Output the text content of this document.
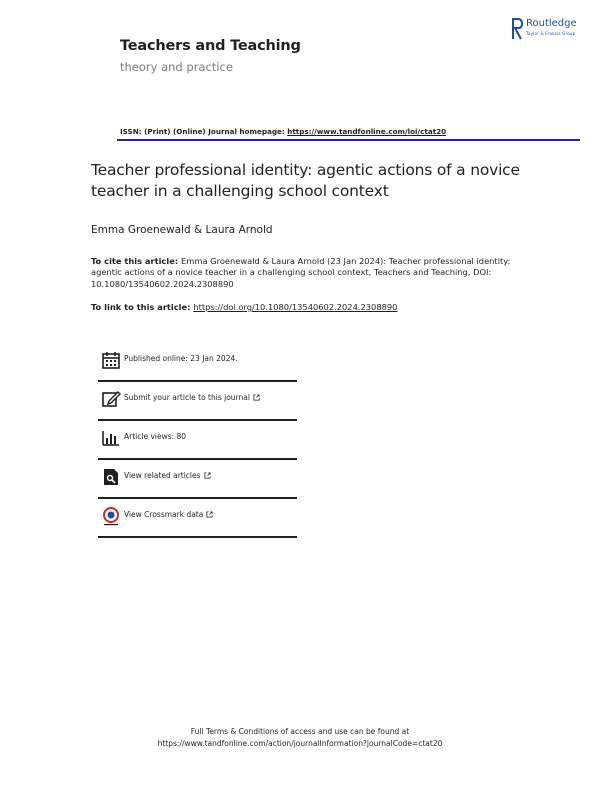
Teachers and Teaching
theory and practice
Routledge
Taylor & Francis Group
ISSN: (Print) (Online) Journal homepage: https://www.tandfonline.com/loi/ctat20
Teacher professional identity: agentic actions of a novice teacher in a challenging school context
Emma Groenewald & Laura Arnold
To cite this article: Emma Groenewald & Laura Arnold (23 Jan 2024): Teacher professional identity: agentic actions of a novice teacher in a challenging school context, Teachers and Teaching, DOI: 10.1080/13540602.2024.2308890
To link to this article: https://doi.org/10.1080/13540602.2024.2308890
Published online: 23 Jan 2024.
Submit your article to this journal
Article views: 80
View related articles
View Crossmark data
Full Terms & Conditions of access and use can be found at
https://www.tandfonline.com/action/journalInformation?journalCode=ctat20
